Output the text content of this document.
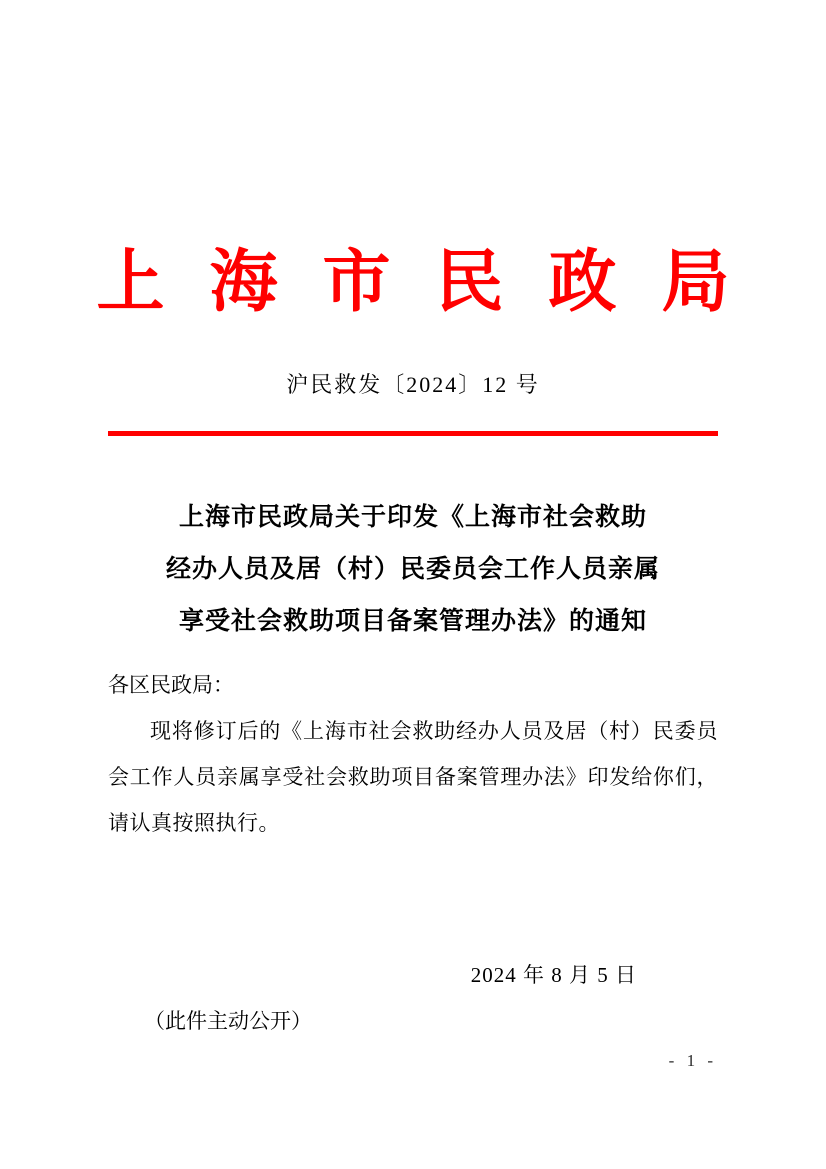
上 海 市 民 政 局
沪民救发〔2024〕12 号
上海市民政局关于印发《上海市社会救助
经办人员及居（村）民委员会工作人员亲属
享受社会救助项目备案管理办法》的通知
各区民政局：
现将修订后的《上海市社会救助经办人员及居（村）民委员会工作人员亲属享受社会救助项目备案管理办法》印发给你们，请认真按照执行。
2024 年 8 月 5 日
（此件主动公开）
- 1 -
